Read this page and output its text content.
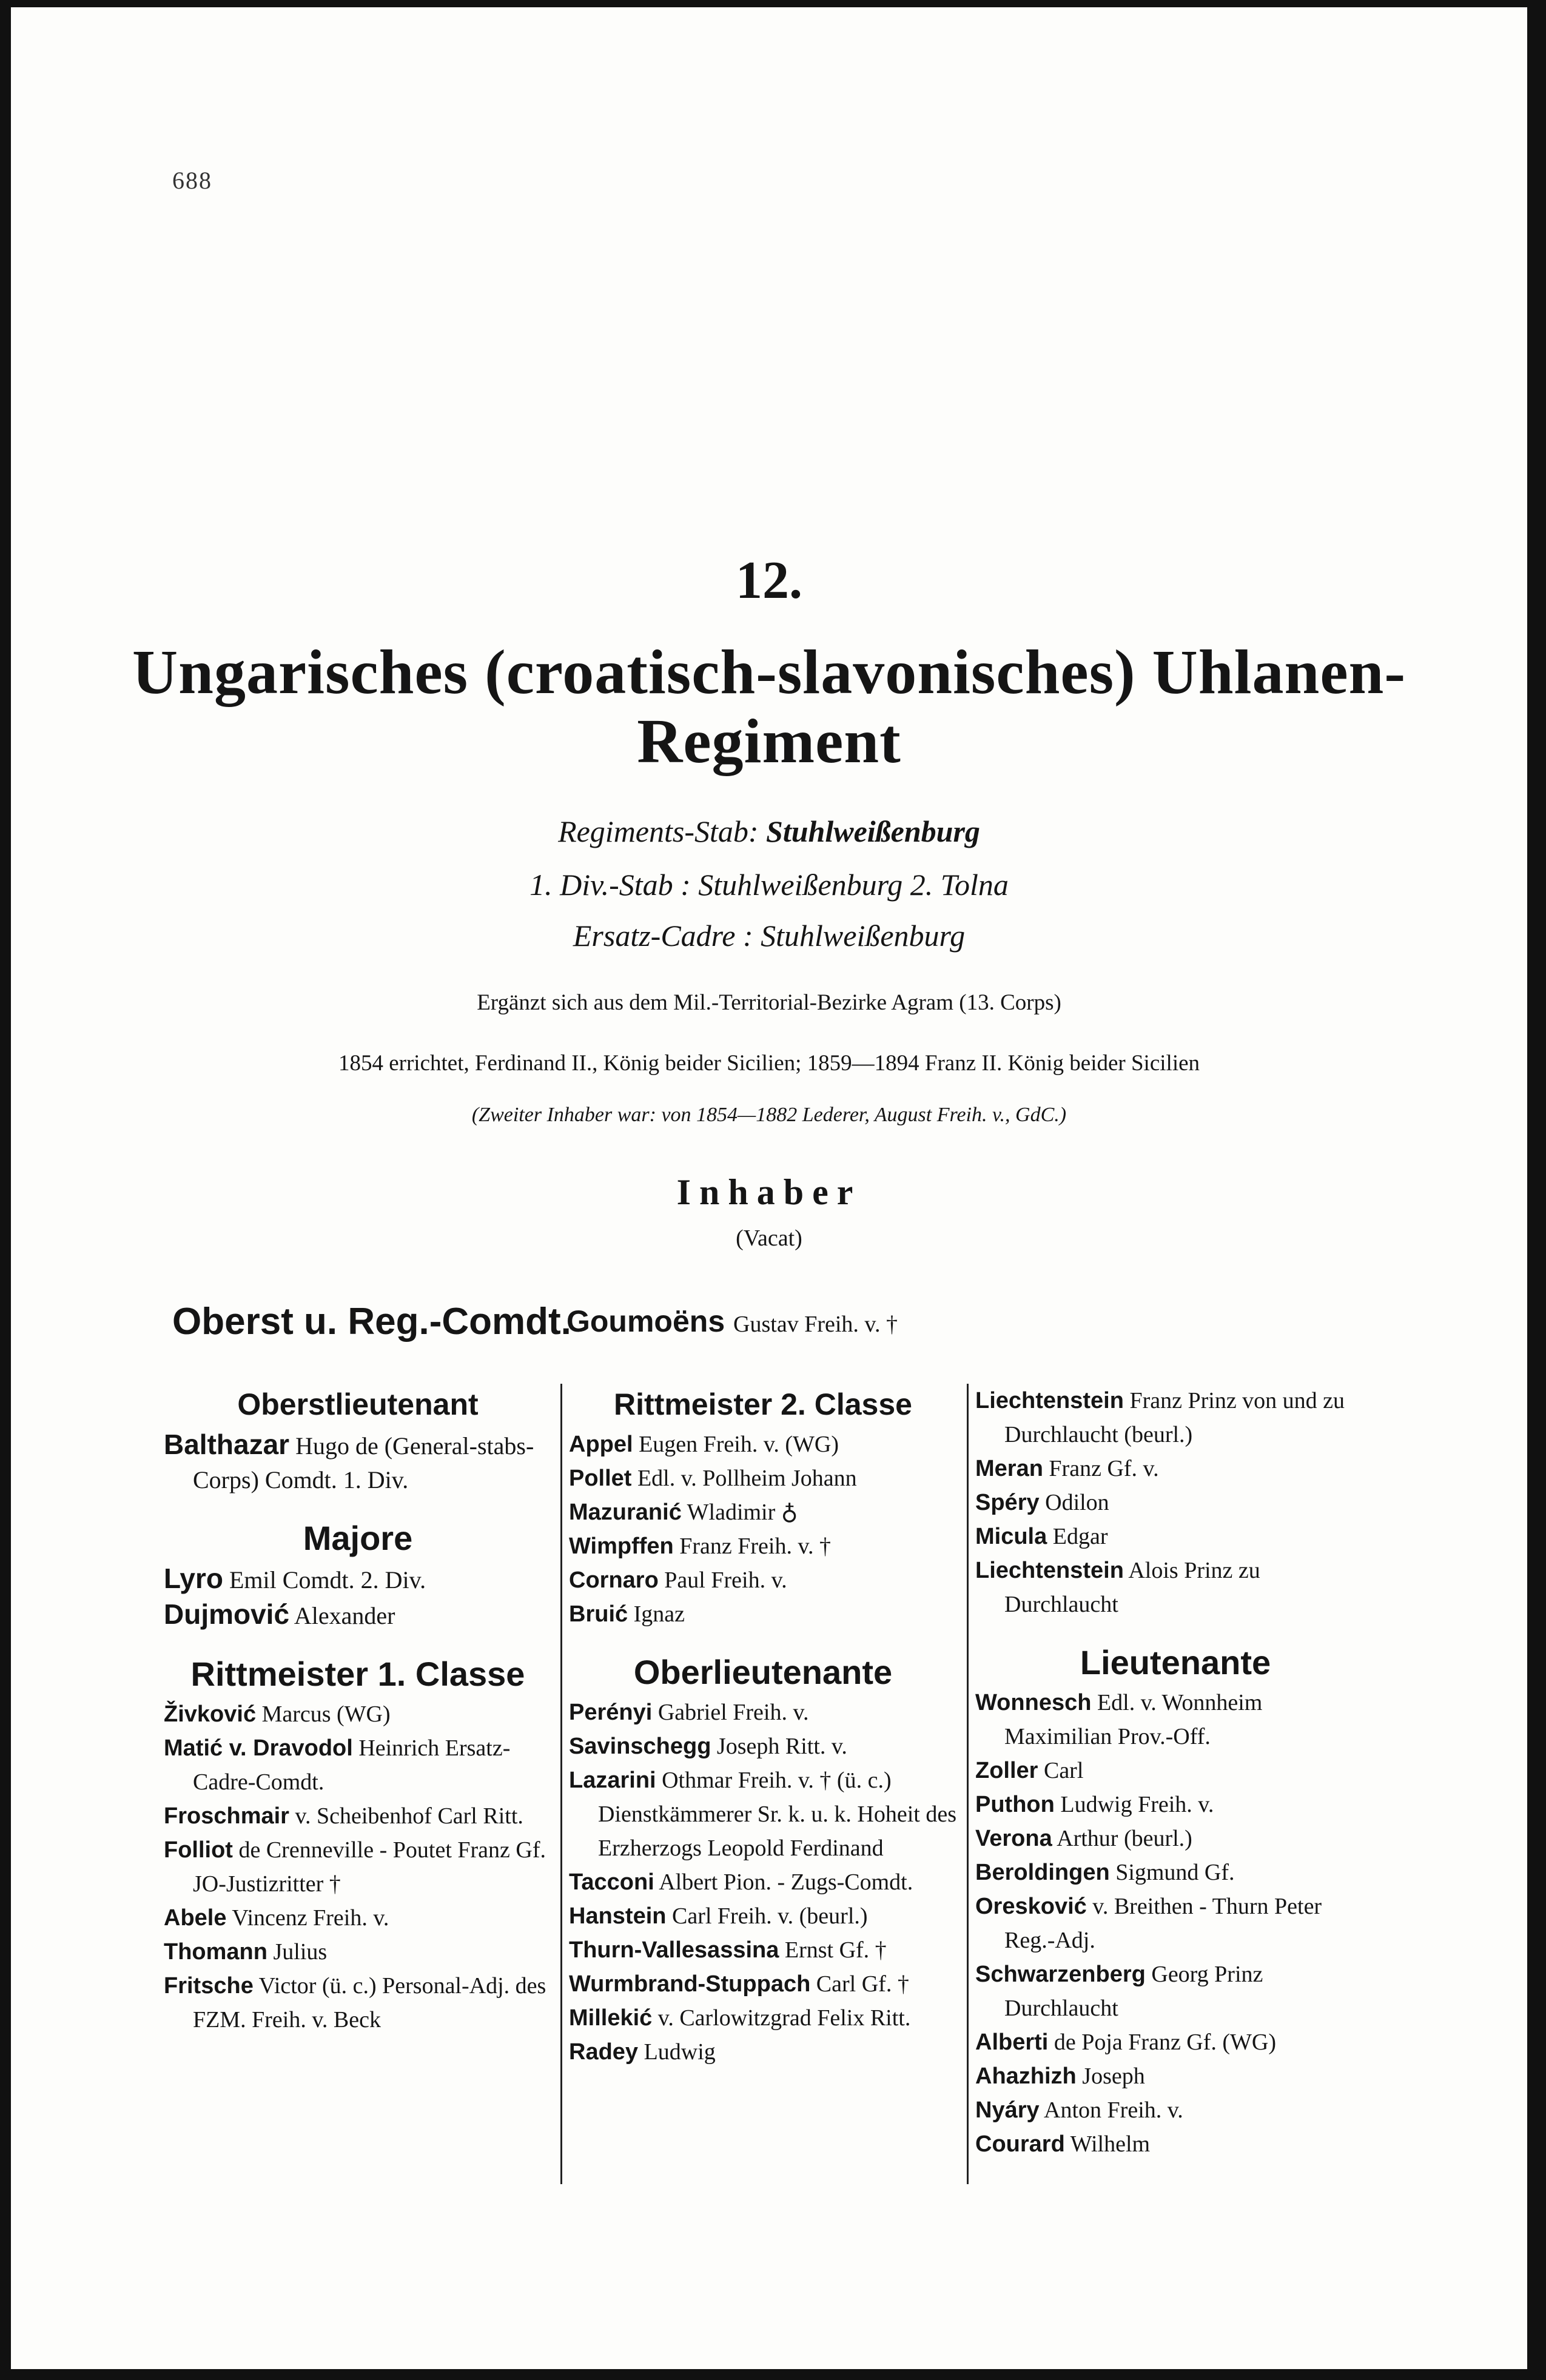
688
12.
Ungarisches (croatisch-slavonisches) Uhlanen-
Regiment
Regiments-Stab: Stuhlweißenburg
1. Div.-Stab : Stuhlweißenburg 2. Tolna
Ersatz-Cadre : Stuhlweißenburg
Ergänzt sich aus dem Mil.-Territorial-Bezirke Agram (13. Corps)
1854 errichtet, Ferdinand II., König beider Sicilien; 1859—1894 Franz II. König beider Sicilien
(Zweiter Inhaber war: von 1854—1882 Lederer, August Freih. v., GdC.)
Inhaber
(Vacat)
Oberst u. Reg.-Comdt.
Goumoëns Gustav Freih. v. †
Oberstlieutenant
Balthazar Hugo de (General-stabs-Corps) Comdt. 1. Div.
Majore
Lyro Emil Comdt. 2. Div.
Dujmović Alexander
Rittmeister 1. Classe
Živković Marcus (WG)
Matić v. Dravodol Heinrich Ersatz-Cadre-Comdt.
Froschmair v. Scheibenhof Carl Ritt.
Folliot de Crenneville - Poutet Franz Gf. JO-Justizritter †
Abele Vincenz Freih. v.
Thomann Julius
Fritsche Victor (ü. c.) Personal-Adj. des FZM. Freih. v. Beck
Rittmeister 2. Classe
Appel Eugen Freih. v. (WG)
Pollet Edl. v. Pollheim Johann
Mazuranić Wladimir ♁
Wimpffen Franz Freih. v. †
Cornaro Paul Freih. v.
Bruić Ignaz
Oberlieutenante
Perényi Gabriel Freih. v.
Savinschegg Joseph Ritt. v.
Lazarini Othmar Freih. v. † (ü. c.) Dienstkämmerer Sr. k. u. k. Hoheit des Erzherzogs Leopold Ferdinand
Tacconi Albert Pion. - Zugs-Comdt.
Hanstein Carl Freih. v. (beurl.)
Thurn-Vallesassina Ernst Gf. †
Wurmbrand-Stuppach Carl Gf. †
Millekić v. Carlowitzgrad Felix Ritt.
Radey Ludwig
Liechtenstein Franz Prinz von und zu Durchlaucht (beurl.)
Meran Franz Gf. v.
Spéry Odilon
Micula Edgar
Liechtenstein Alois Prinz zu Durchlaucht
Lieutenante
Wonnesch Edl. v. Wonnheim Maximilian Prov.-Off.
Zoller Carl
Puthon Ludwig Freih. v.
Verona Arthur (beurl.)
Beroldingen Sigmund Gf.
Oresković v. Breithen - Thurn Peter Reg.-Adj.
Schwarzenberg Georg Prinz Durchlaucht
Alberti de Poja Franz Gf. (WG)
Ahazhizh Joseph
Nyáry Anton Freih. v.
Courard Wilhelm
